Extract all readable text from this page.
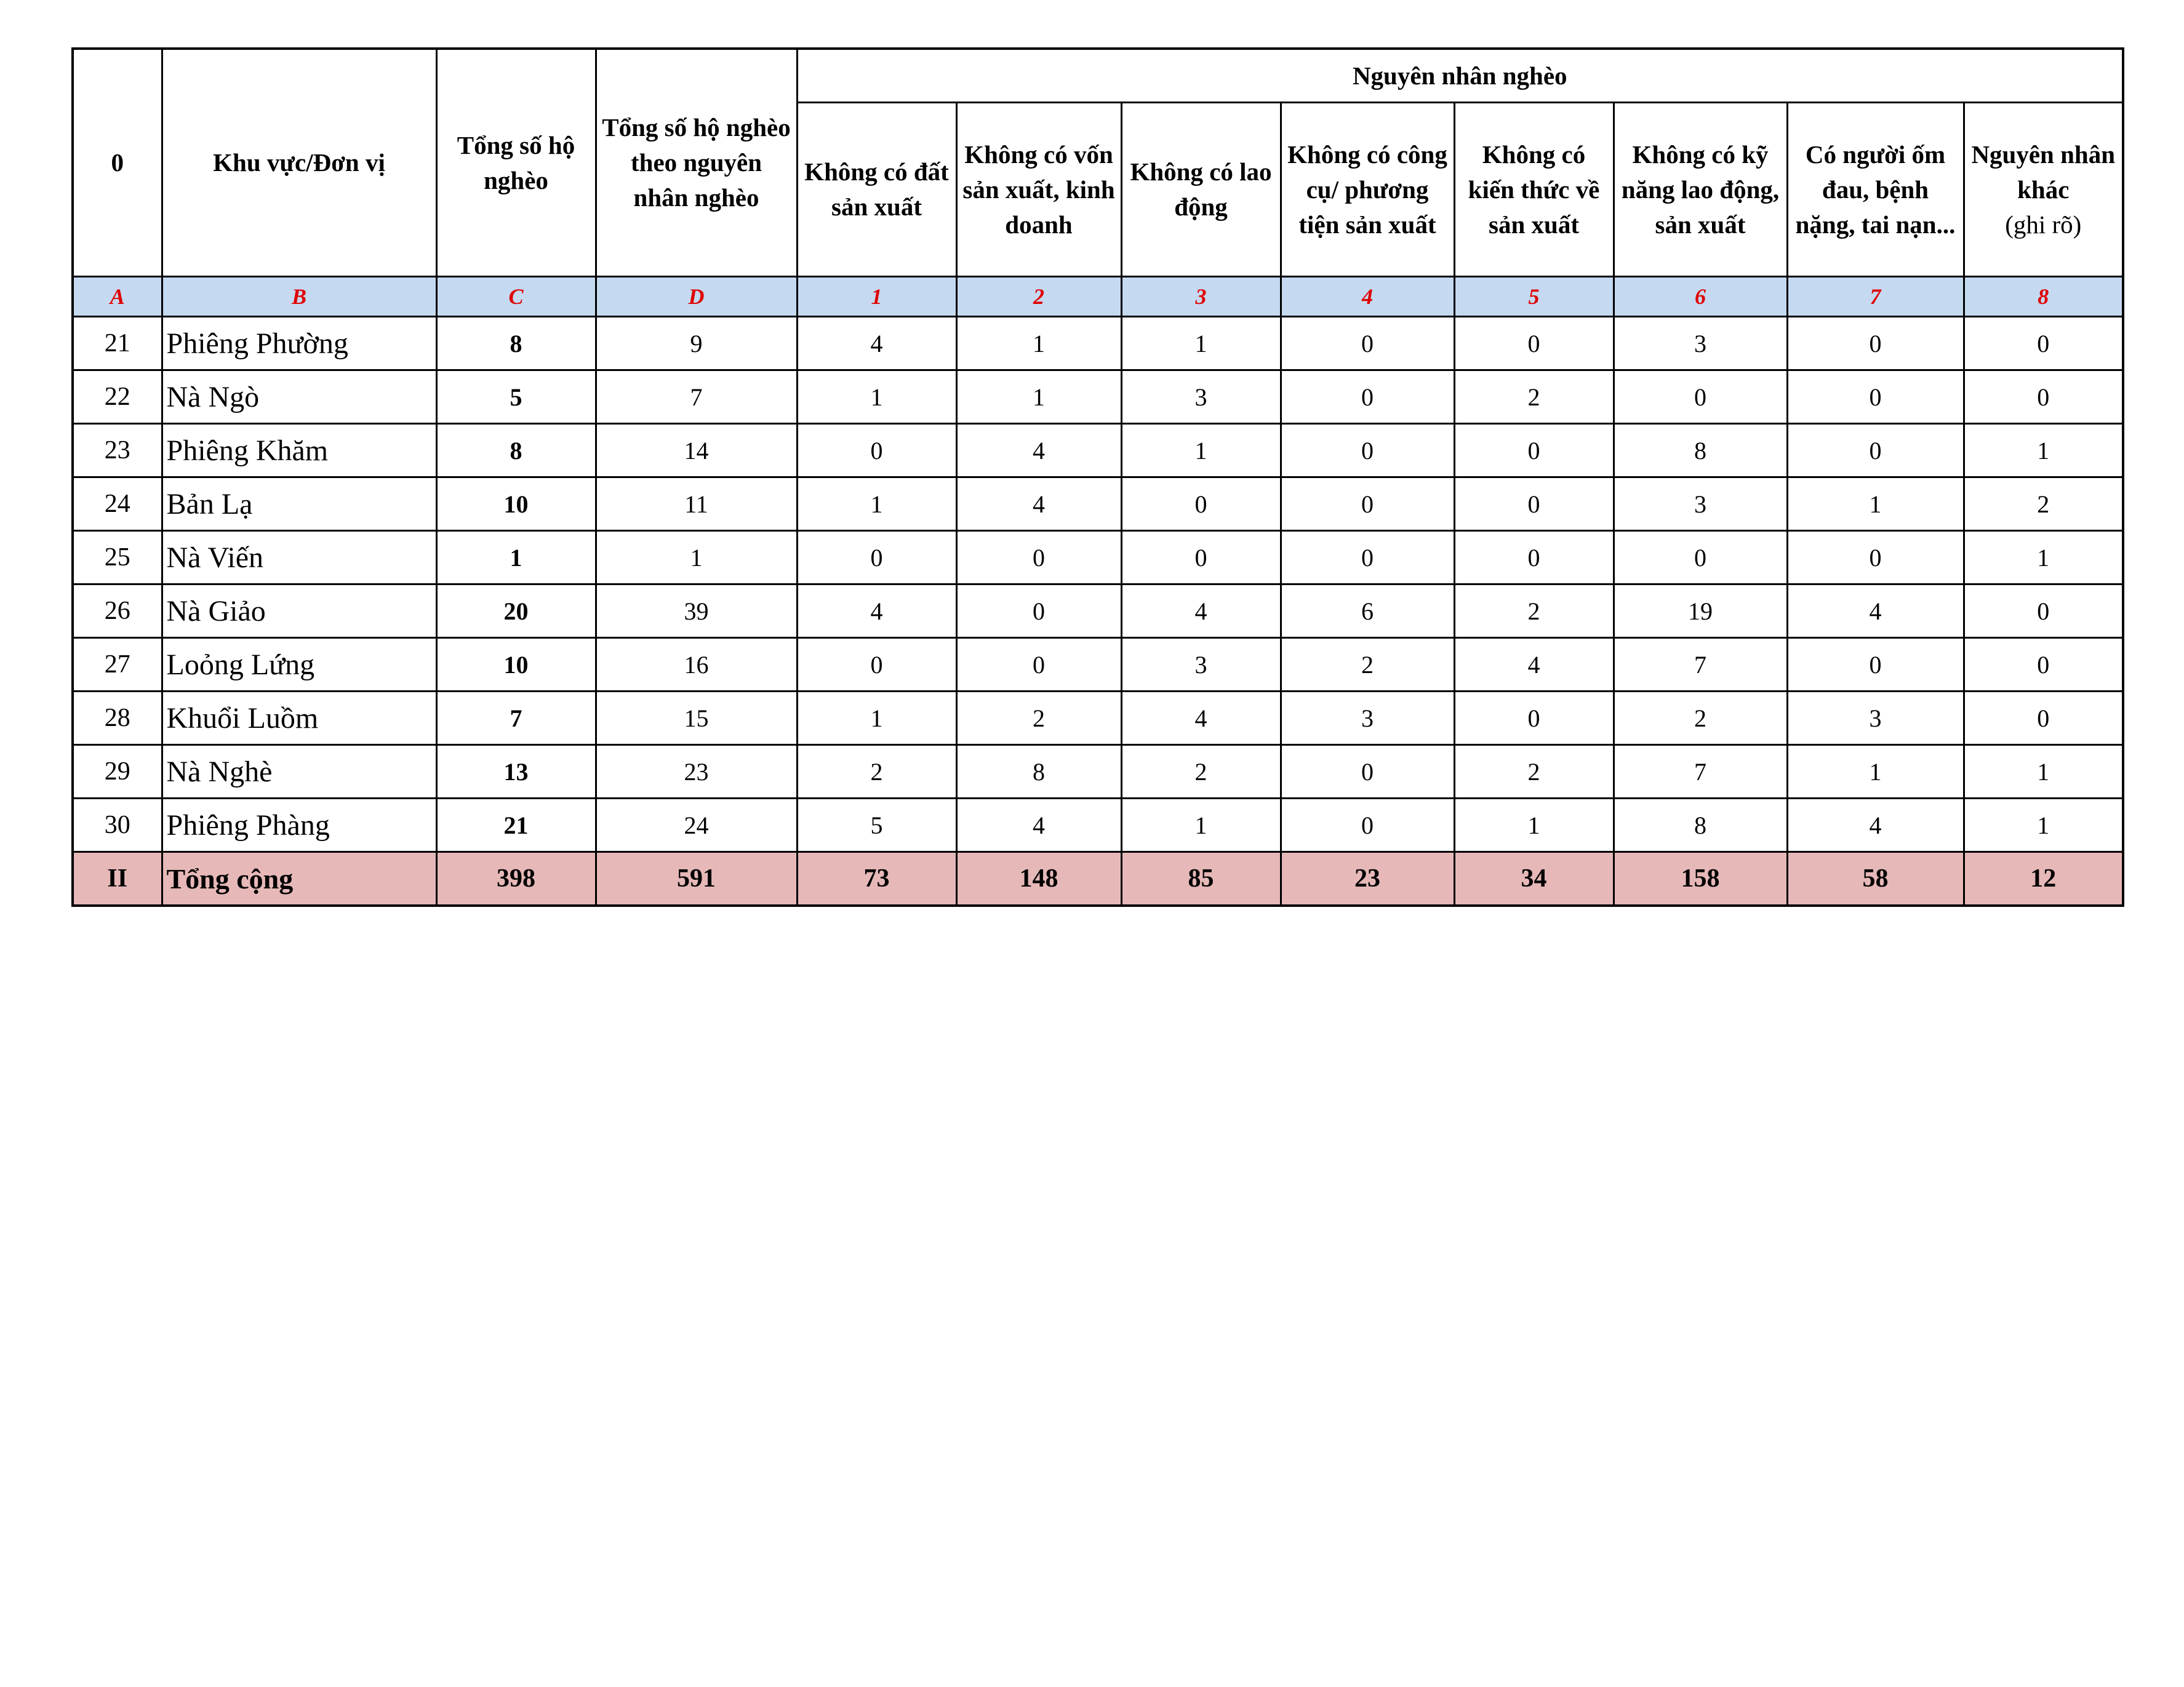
0	Khu vực/Đơn vị	Tổng số hộ nghèo	Tổng số hộ nghèo theo nguyên nhân nghèo	Nguyên nhân nghèo							
				Không có đất sản xuất	Không có vốn sản xuất, kinh doanh	Không có lao động	Không có công cụ/ phương tiện sản xuất	Không có kiến thức về sản xuất	Không có kỹ năng lao động, sản xuất	Có người ốm đau, bệnh nặng, tai nạn...	Nguyên nhân khác
(ghi rõ)
A	B	C	D	1	2	3	4	5	6	7	8
21	Phiêng Phường	8	9	4	1	1	0	0	3	0	0
22	Nà Ngò	5	7	1	1	3	0	2	0	0	0
23	Phiêng Khăm	8	14	0	4	1	0	0	8	0	1
24	Bản Lạ	10	11	1	4	0	0	0	3	1	2
25	Nà Viến	1	1	0	0	0	0	0	0	0	1
26	Nà Giảo	20	39	4	0	4	6	2	19	4	0
27	Loỏng Lứng	10	16	0	0	3	2	4	7	0	0
28	Khuổi Luồm	7	15	1	2	4	3	0	2	3	0
29	Nà Nghè	13	23	2	8	2	0	2	7	1	1
30	Phiêng Phàng	21	24	5	4	1	0	1	8	4	1
II	Tổng cộng	398	591	73	148	85	23	34	158	58	12
